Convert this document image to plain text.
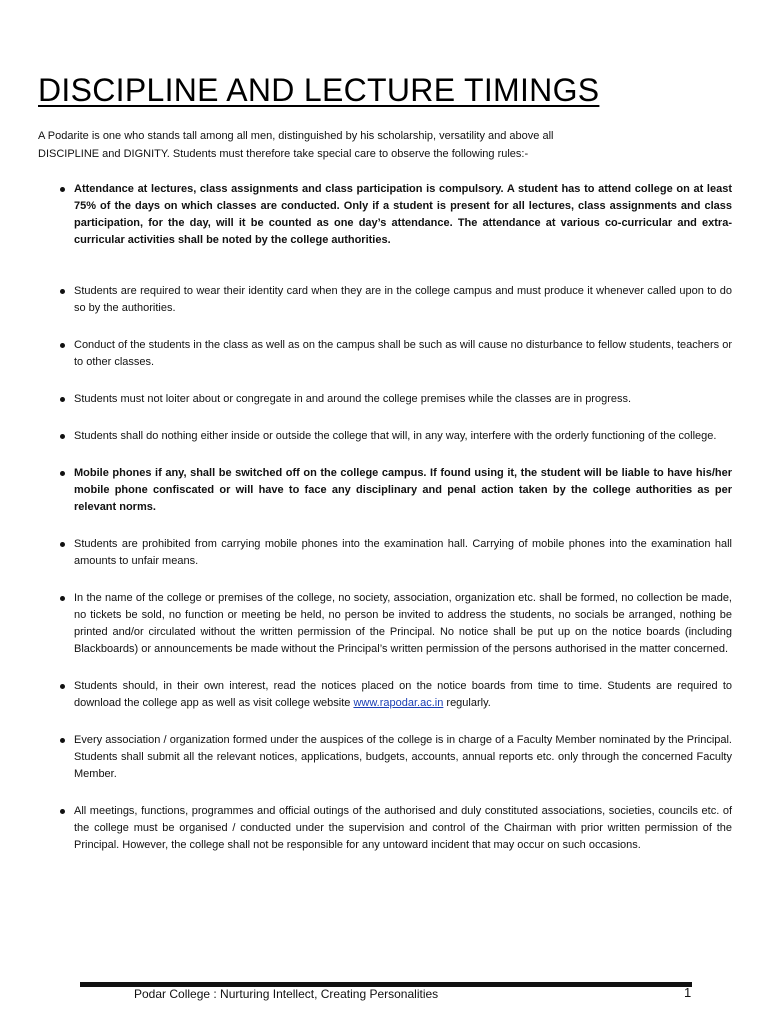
DISCIPLINE AND LECTURE TIMINGS

A Podarite is one who stands tall among all men, distinguished by his scholarship, versatility and above all
DISCIPLINE and DIGNITY. Students must therefore take special care to observe the following rules:-

Attendance at lectures, class assignments and class participation is compulsory. A student has to attend college on at least 75% of the days on which classes are conducted. Only if a student is present for all lectures, class assignments and class participation, for the day, will it be counted as one day’s attendance. The attendance at various co-curricular and extra-curricular activities shall be noted by the college authorities.
Students are required to wear their identity card when they are in the college campus and must produce it whenever called upon to do so by the authorities.
Conduct of the students in the class as well as on the campus shall be such as will cause no disturbance to fellow students, teachers or to other classes.
Students must not loiter about or congregate in and around the college premises while the classes are in progress.
Students shall do nothing either inside or outside the college that will, in any way, interfere with the orderly functioning of the college.
Mobile phones if any, shall be switched off on the college campus. If found using it, the student will be liable to have his/her mobile phone confiscated or will have to face any disciplinary and penal action taken by the college authorities as per relevant norms.
Students are prohibited from carrying mobile phones into the examination hall. Carrying of mobile phones into the examination hall amounts to unfair means.
In the name of the college or premises of the college, no society, association, organization etc. shall be formed, no collection be made, no tickets be sold, no function or meeting be held, no person be invited to address the students, no socials be arranged, nothing be printed and/or circulated without the written permission of the Principal. No notice shall be put up on the notice boards (including Blackboards) or announcements be made without the Principal’s written permission of the persons authorised in the matter concerned.
Students should, in their own interest, read the notices placed on the notice boards from time to time. Students are required to download the college app as well as visit college website www.rapodar.ac.in regularly.
Every association / organization formed under the auspices of the college is in charge of a Faculty Member nominated by the Principal. Students shall submit all the relevant notices, applications, budgets, accounts, annual reports etc. only through the concerned Faculty Member.
All meetings, functions, programmes and official outings of the authorised and duly constituted associations, societies, councils etc. of the college must be organised / conducted under the supervision and control of the Chairman with prior written permission of the Principal. However, the college shall not be responsible for any untoward incident that may occur on such occasions.
Podar College : Nurturing Intellect, Creating Personalities	1
